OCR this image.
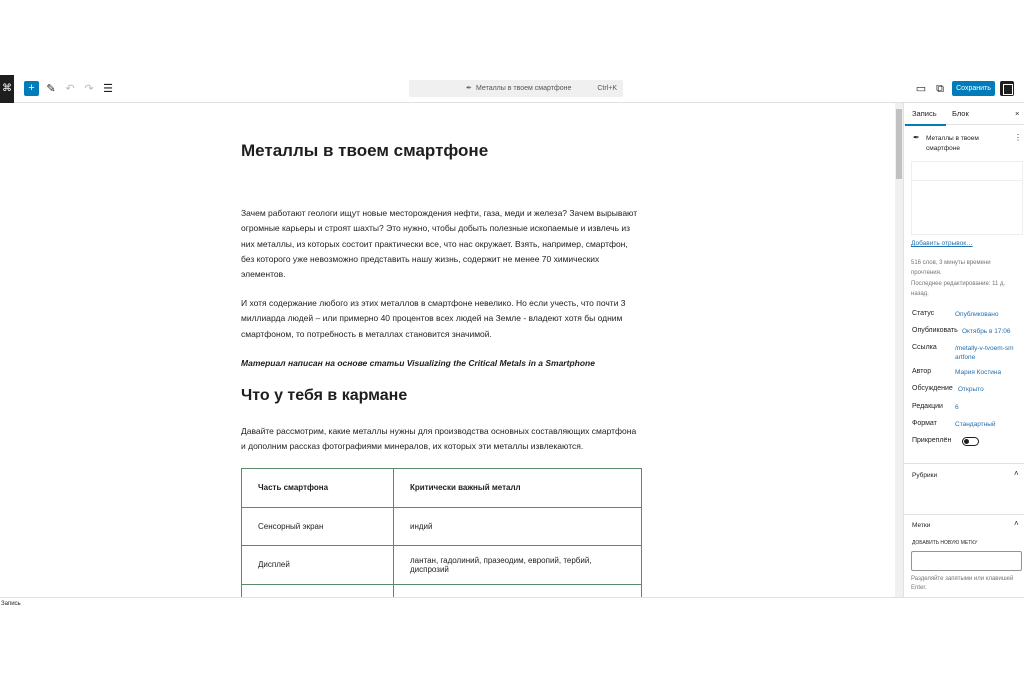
⌘	+	✎ ↶ ↷ ☰	✒ Металлы в твоем смартфоне	Ctrl+K	▭ ⧉	Сохранить
Металлы в твоем смартфоне

Зачем работают геологи ищут новые месторождения нефти, газа, меди и железа? Зачем вырывают огромные карьеры и строят шахты? Это нужно, чтобы добыть полезные ископаемые и извлечь из них металлы, из которых состоит практически все, что нас окружает. Взять, например, смартфон, без которого уже невозможно представить нашу жизнь, содержит не менее 70 химических элементов.

И хотя содержание любого из этих металлов в смартфоне невелико. Но если учесть, что почти 3 миллиарда людей – или примерно 40 процентов всех людей на Земле - владеют хотя бы одним смартфоном, то потребность в металлах становится значимой.

Материал написан на основе статьи Visualizing the Critical Metals in a Smartphone

Что у тебя в кармане

Давайте рассмотрим, какие металлы нужны для производства основных составляющих смартфона и дополним рассказ фотографиями минералов, их которых эти металлы извлекаются.

Часть смартфона	Критически важный металл
Сенсорный экран	индий
Дисплей	лантан, гадолиний, празеодим, европий, тербий, диспрозий

Запись Блок	×
✒ Металлы в твоем смартфоне
⋮
Добавить отрывок…
516 слов, 3 минуты времени прочтения.
Последнее редактирование: 11 д. назад.
Статус	Опубликовано
Опубликовать Октябрь в 17:06
Ссылка	/metally-v-tvoem-smartfone
Автор	Мария Костина
Обсуждение Открыто
Редакции 6
Формат	Стандартный
Прикреплён
Рубрики	˄
Метки	˄
ДОБАВИТЬ НОВУЮ МЕТКУ
Разделяйте запятыми или клавишей Enter.
Запись
